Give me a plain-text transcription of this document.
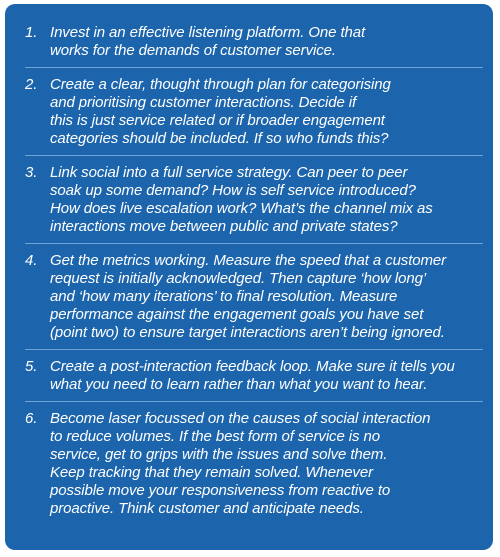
1. Invest in an effective listening platform. One that
works for the demands of customer service.
2. Create a clear, thought through plan for categorising
and prioritising customer interactions. Decide if
this is just service related or if broader engagement
categories should be included. If so who funds this?
3. Link social into a full service strategy. Can peer to peer
soak up some demand? How is self service introduced?
How does live escalation work? What’s the channel mix as
interactions move between public and private states?
4. Get the metrics working. Measure the speed that a customer
request is initially acknowledged. Then capture ‘how long’
and ‘how many iterations’ to final resolution. Measure
performance against the engagement goals you have set
(point two) to ensure target interactions aren’t being ignored.
5. Create a post-interaction feedback loop. Make sure it tells you
what you need to learn rather than what you want to hear.
6. Become laser focussed on the causes of social interaction
to reduce volumes. If the best form of service is no
service, get to grips with the issues and solve them.
Keep tracking that they remain solved. Whenever
possible move your responsiveness from reactive to
proactive. Think customer and anticipate needs.
